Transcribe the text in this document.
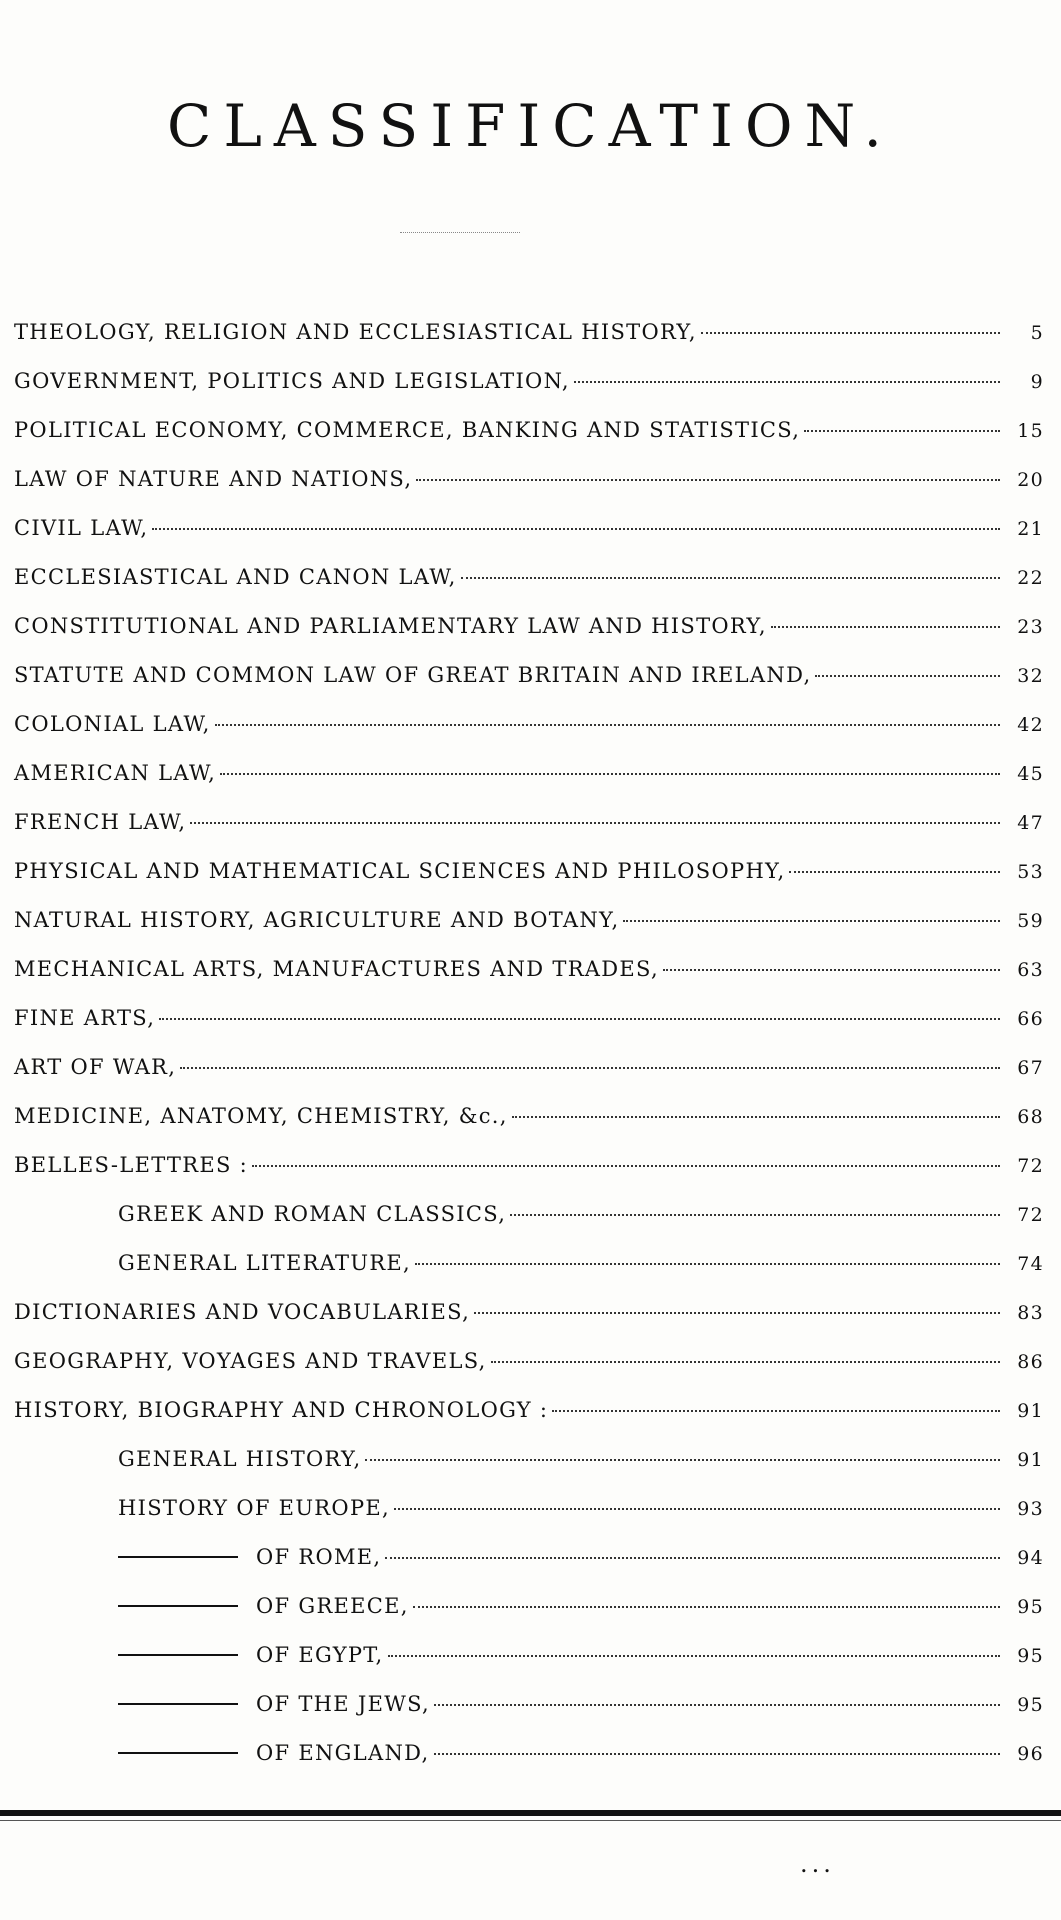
CLASSIFICATION.
THEOLOGY, RELIGION AND ECCLESIASTICAL HISTORY,	5
GOVERNMENT, POLITICS AND LEGISLATION,	9
POLITICAL ECONOMY, COMMERCE, BANKING AND STATISTICS,	15
LAW OF NATURE AND NATIONS,	20
CIVIL LAW,	21
ECCLESIASTICAL AND CANON LAW,	22
CONSTITUTIONAL AND PARLIAMENTARY LAW AND HISTORY,	23
STATUTE AND COMMON LAW OF GREAT BRITAIN AND IRELAND,	32
COLONIAL LAW,	42
AMERICAN LAW,	45
FRENCH LAW,	47
PHYSICAL AND MATHEMATICAL SCIENCES AND PHILOSOPHY,	53
NATURAL HISTORY, AGRICULTURE AND BOTANY,	59
MECHANICAL ARTS, MANUFACTURES AND TRADES,	63
FINE ARTS,	66
ART OF WAR,	67
MEDICINE, ANATOMY, CHEMISTRY, &c.,	68
BELLES-LETTRES :	72
GREEK AND ROMAN CLASSICS,	72
GENERAL LITERATURE,	74
DICTIONARIES AND VOCABULARIES,	83
GEOGRAPHY, VOYAGES AND TRAVELS,	86
HISTORY, BIOGRAPHY AND CHRONOLOGY :	91
GENERAL HISTORY,	91
HISTORY OF EUROPE,	93
OF ROME,	94
OF GREECE,	95
OF EGYPT,	95
OF THE JEWS,	95
OF ENGLAND,	96
...
